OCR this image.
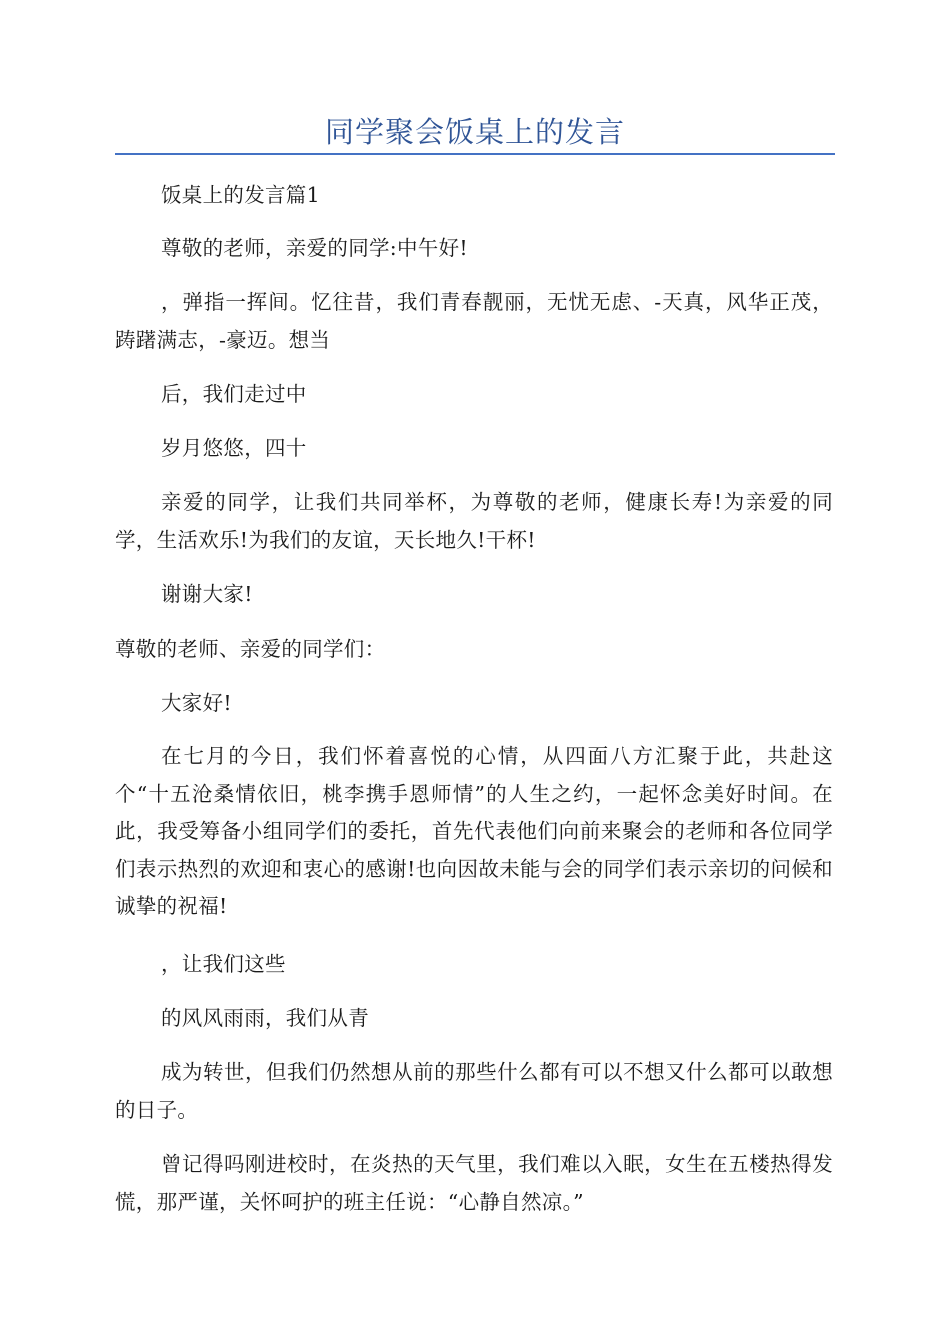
同学聚会饭桌上的发言

饭桌上的发言篇1

尊敬的老师，亲爱的同学:中午好!

，弹指一挥间。忆往昔，我们青春靓丽，无忧无虑、-天真，风华正茂，踌躇满志，-豪迈。想当

后，我们走过中

岁月悠悠，四十

亲爱的同学，让我们共同举杯，为尊敬的老师，健康长寿!为亲爱的同学，生活欢乐!为我们的友谊，天长地久!干杯!

谢谢大家!

尊敬的老师、亲爱的同学们：

大家好!

在七月的今日，我们怀着喜悦的心情，从四面八方汇聚于此，共赴这个“十五沧桑情依旧，桃李携手恩师情”的人生之约，一起怀念美好时间。在此，我受筹备小组同学们的委托，首先代表他们向前来聚会的老师和各位同学们表示热烈的欢迎和衷心的感谢!也向因故未能与会的同学们表示亲切的问候和诚挚的祝福!

，让我们这些

的风风雨雨，我们从青

成为转世，但我们仍然想从前的那些什么都有可以不想又什么都可以敢想的日子。

曾记得吗刚进校时，在炎热的天气里，我们难以入眠，女生在五楼热得发慌，那严谨，关怀呵护的班主任说：“心静自然凉。”
